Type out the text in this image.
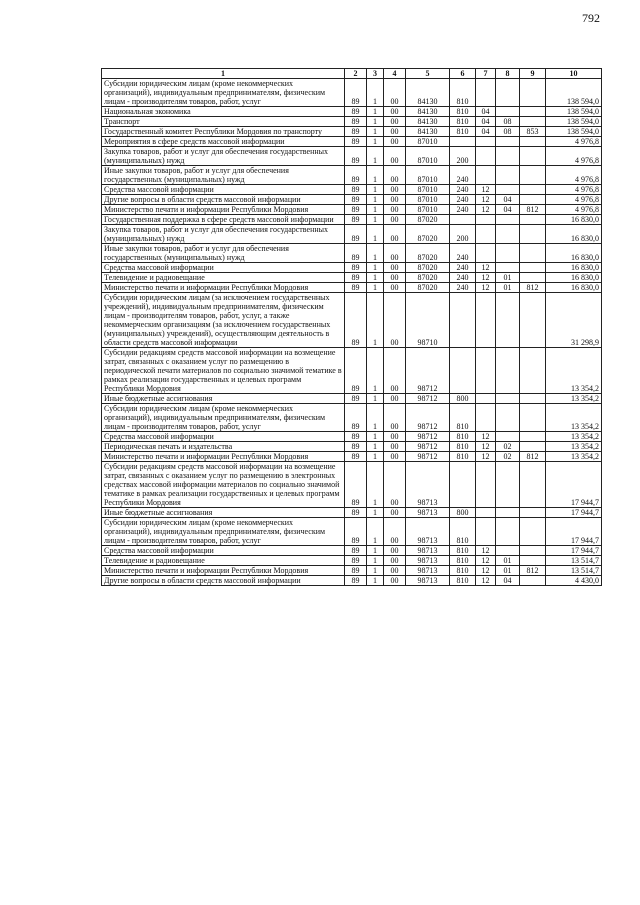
792
1	2	3	4	5	6	7	8	9	10
Субсидии юридическим лицам (кроме некоммерческих организаций), индивидуальным предпринимателям, физическим лицам - производителям товаров, работ, услуг	89	1	00	84130	810				138 594,0
Национальная экономика	89	1	00	84130	810	04			138 594,0
Транспорт	89	1	00	84130	810	04	08		138 594,0
Государственный комитет Республики Мордовия по транспорту	89	1	00	84130	810	04	08	853	138 594,0
Мероприятия в сфере средств массовой информации	89	1	00	87010					4 976,8
Закупка товаров, работ и услуг для обеспечения государственных (муниципальных) нужд	89	1	00	87010	200				4 976,8
Иные закупки товаров, работ и услуг для обеспечения государственных (муниципальных) нужд	89	1	00	87010	240				4 976,8
Средства массовой информации	89	1	00	87010	240	12			4 976,8
Другие вопросы в области средств массовой информации	89	1	00	87010	240	12	04		4 976,8
Министерство печати и информации Республики Мордовия	89	1	00	87010	240	12	04	812	4 976,8
Государственная поддержка в сфере средств массовой информации	89	1	00	87020					16 830,0
Закупка товаров, работ и услуг для обеспечения государственных (муниципальных) нужд	89	1	00	87020	200				16 830,0
Иные закупки товаров, работ и услуг для обеспечения государственных (муниципальных) нужд	89	1	00	87020	240				16 830,0
Средства массовой информации	89	1	00	87020	240	12			16 830,0
Телевидение и радиовещание	89	1	00	87020	240	12	01		16 830,0
Министерство печати и информации Республики Мордовия	89	1	00	87020	240	12	01	812	16 830,0
Субсидии юридическим лицам (за исключением государственных учреждений), индивидуальным предпринимателям, физическим лицам - производителям товаров, работ, услуг, а также некоммерческим организациям (за исключением государственных (муниципальных) учреждений), осуществляющим деятельность в области средств массовой информации	89	1	00	98710					31 298,9
Субсидии редакциям средств массовой информации на возмещение затрат, связанных с оказанием услуг по размещению в периодической печати материалов по социально значимой тематике в рамках реализации государственных и целевых программ Республики Мордовия	89	1	00	98712					13 354,2
Иные бюджетные ассигнования	89	1	00	98712	800				13 354,2
Субсидии юридическим лицам (кроме некоммерческих организаций), индивидуальным предпринимателям, физическим лицам - производителям товаров, работ, услуг	89	1	00	98712	810				13 354,2
Средства массовой информации	89	1	00	98712	810	12			13 354,2
Периодическая печать и издательства	89	1	00	98712	810	12	02		13 354,2
Министерство печати и информации Республики Мордовия	89	1	00	98712	810	12	02	812	13 354,2
Субсидии редакциям средств массовой информации на возмещение затрат, связанных с оказанием услуг по размещению в электронных средствах массовой информации материалов по социально значимой тематике в рамках реализации государственных и целевых программ Республики Мордовия	89	1	00	98713					17 944,7
Иные бюджетные ассигнования	89	1	00	98713	800				17 944,7
Субсидии юридическим лицам (кроме некоммерческих организаций), индивидуальным предпринимателям, физическим лицам - производителям товаров, работ, услуг	89	1	00	98713	810				17 944,7
Средства массовой информации	89	1	00	98713	810	12			17 944,7
Телевидение и радиовещание	89	1	00	98713	810	12	01		13 514,7
Министерство печати и информации Республики Мордовия	89	1	00	98713	810	12	01	812	13 514,7
Другие вопросы в области средств массовой информации	89	1	00	98713	810	12	04		4 430,0
